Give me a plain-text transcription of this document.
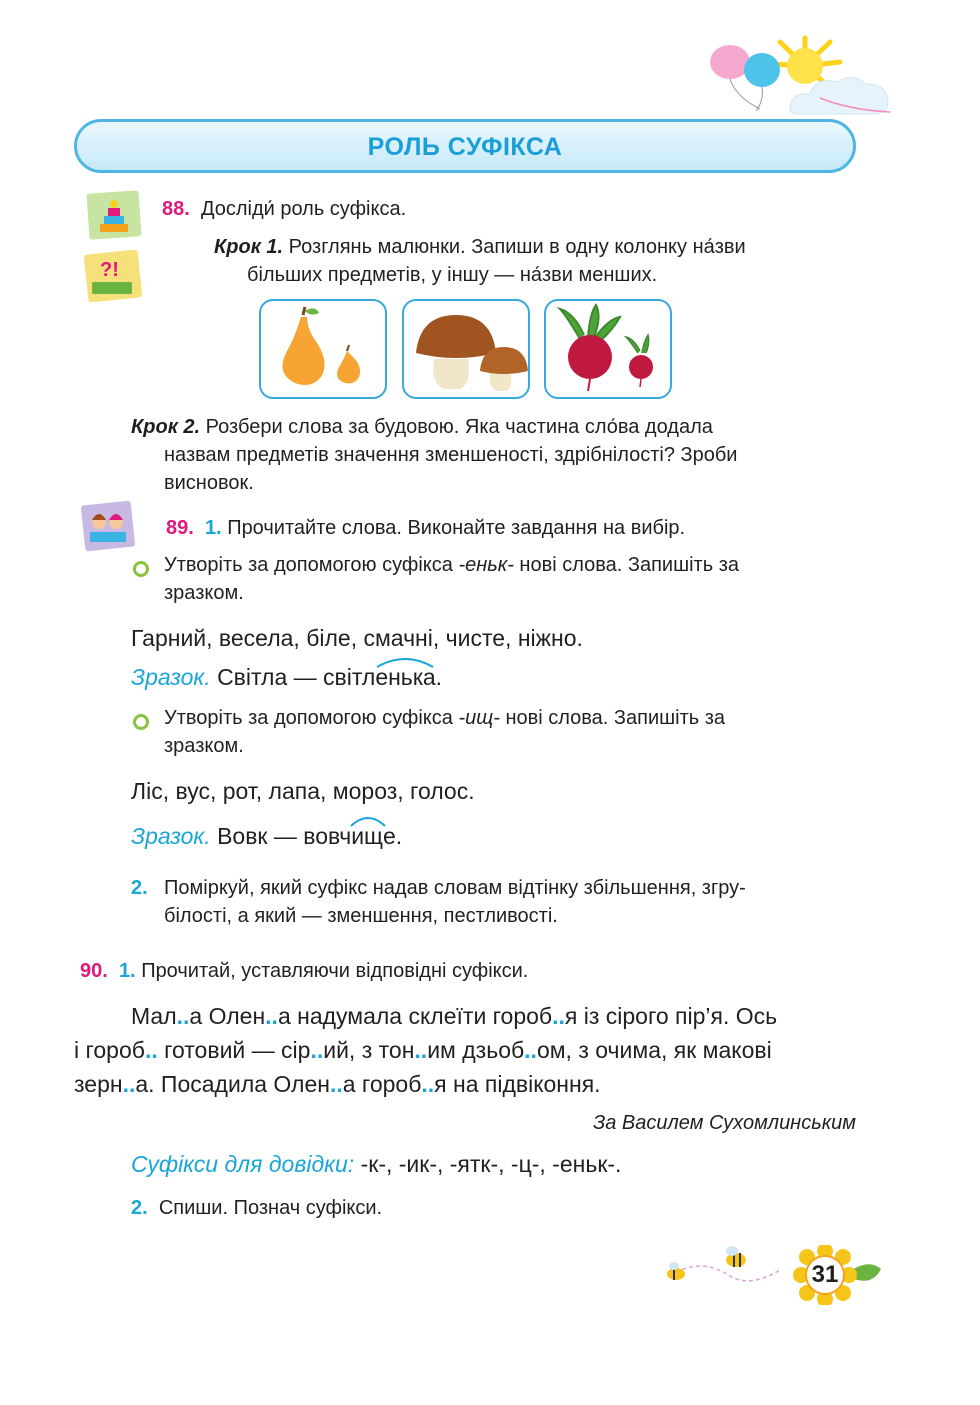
РОЛЬ СУФІКСА
?!
88. Досліди́ роль суфікса.
Крок 1. Розглянь малюнки. Запиши в одну колонку на́зви
більших предметів, у іншу — на́зви менших.
Крок 2. Розбери слова за будовою. Яка частина сло́ва додала
назвам предметів значення зменшеності, здрібнілості? Зроби
висновок.
89. 1. Прочитайте слова. Виконайте завдання на вибір.
Утворіть за допомогою суфікса -еньк- нові слова. Запишіть за
зразком.
Гарний, весела, біле, смачні, чисте, ніжно.
Зразок. Світла — світл
енька.
Утворіть за допомогою суфікса -ищ- нові слова. Запишіть за
зразком.
Ліс, вус, рот, лапа, мороз, голос.
Зразок. Вовк — вовч
ище.
2. Поміркуй, який суфікс надав словам відтінку збільшення, згру-
білості, а який — зменшення, пестливості.
90. 1. Прочитай, уставляючи відповідні суфікси.
Мал..а Олен..а надумала склеїти гороб..я із сірого пір’я. Ось
і гороб.. готовий — сір..ий, з тон..им дзьоб..ом, з очима, як макові
зерн..а. Посадила Олен..а гороб..я на підвіконня.
За Василем Сухомлинським
Суфікси для довідки: -к-, -ик-, -ятк-, -ц-, -еньк-.
2. Спиши. Познач суфікси.
31
